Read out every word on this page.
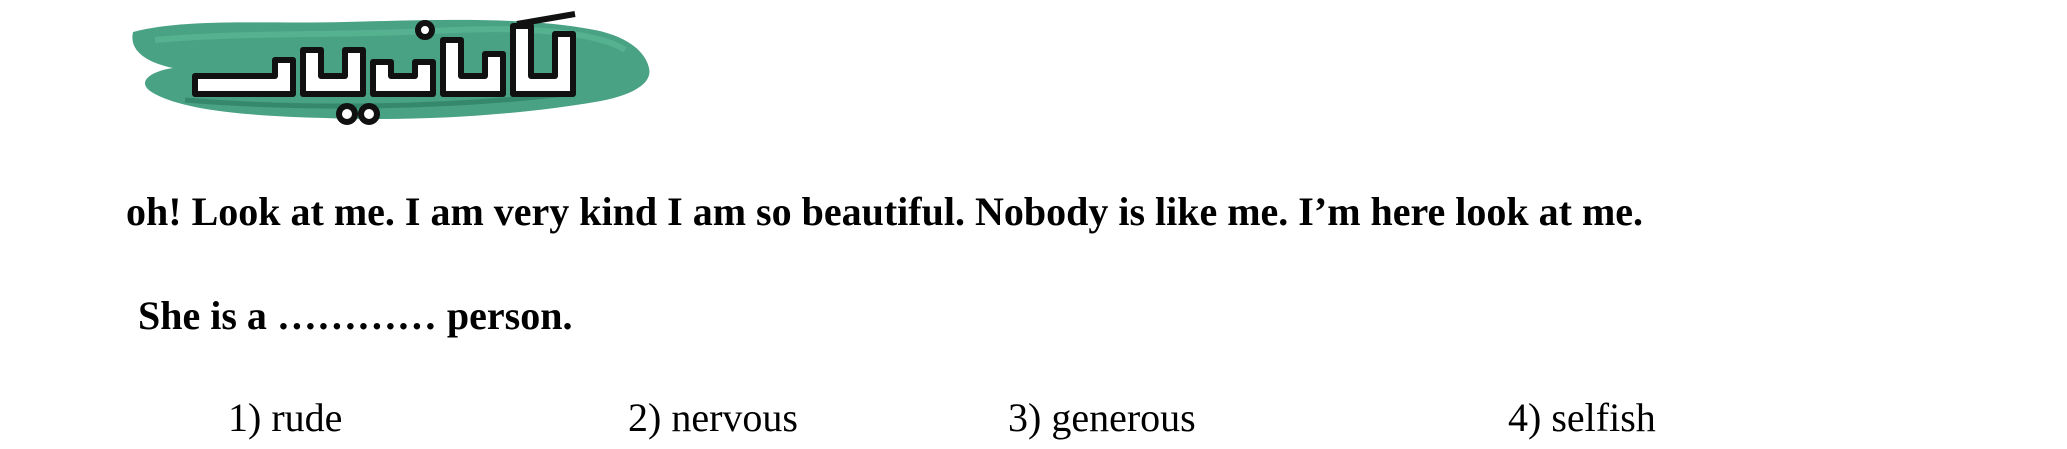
oh! Look at me. I am very kind I am so beautiful. Nobody is like me. I’m here look at me.
She is a ………… person.
1) rude	2) nervous	3) generous	4) selfish
